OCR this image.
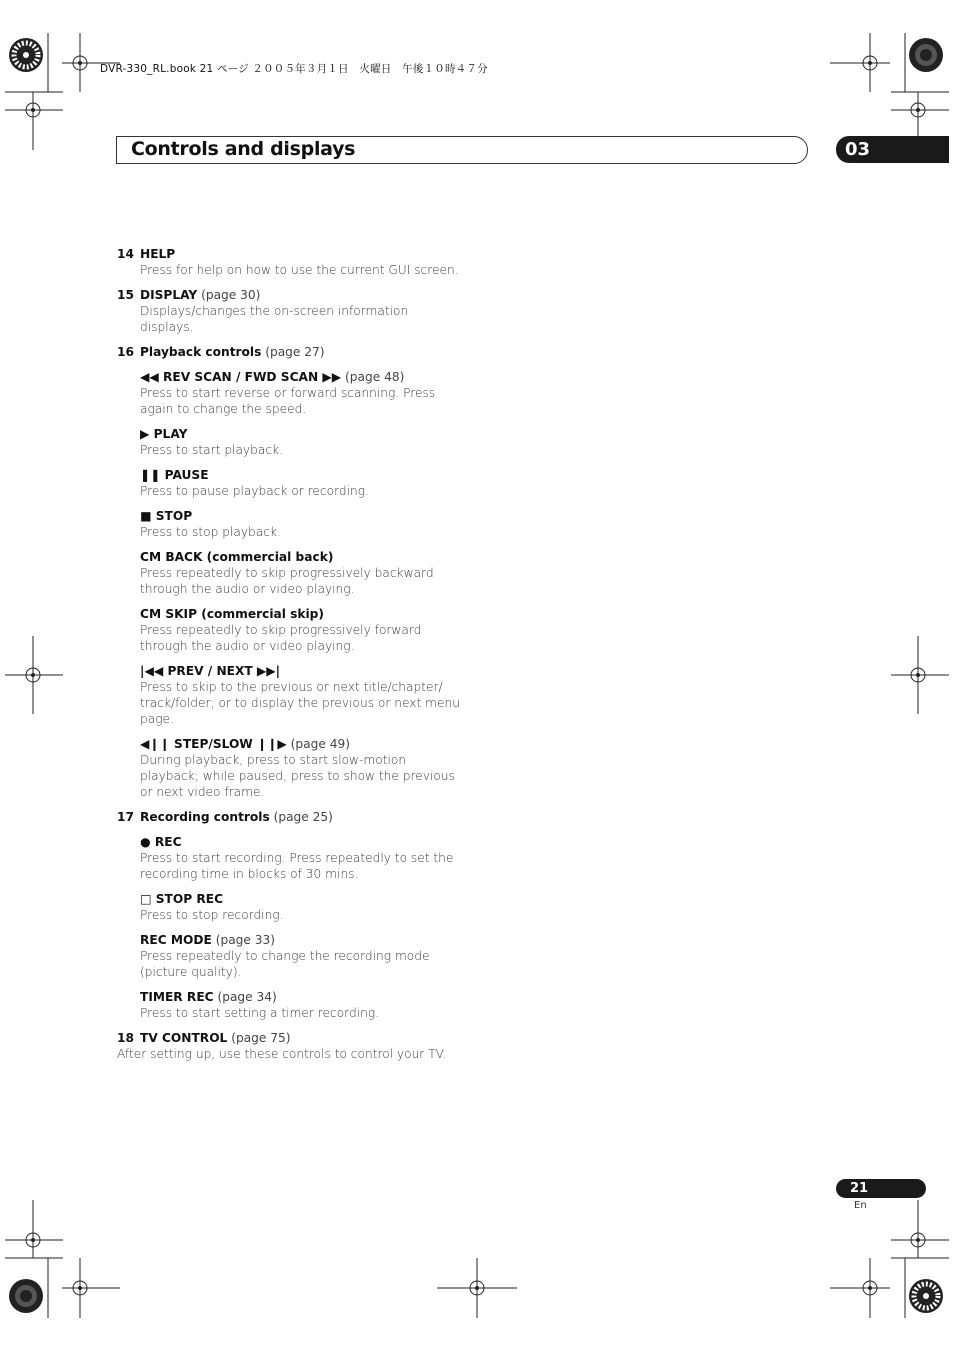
DVR-330_RL.book 21 ページ ２００５年３月１日　火曜日　午後１０時４７分
Controls and displays	03
14 HELP
Press for help on how to use the current GUI screen.
15 DISPLAY (page 30)
Displays/changes the on-screen information displays.
16 Playback controls (page 27)
◀◀ REV SCAN / FWD SCAN ▶▶ (page 48)
Press to start reverse or forward scanning. Press again to change the speed.
▶ PLAY
Press to start playback.
❚❚ PAUSE
Press to pause playback or recording.
■ STOP
Press to stop playback.
CM BACK (commercial back)
Press repeatedly to skip progressively backward through the audio or video playing.
CM SKIP (commercial skip)
Press repeatedly to skip progressively forward through the audio or video playing.
|◀◀ PREV / NEXT ▶▶|
Press to skip to the previous or next title/chapter/ track/folder; or to display the previous or next menu page.
◀❙❙ STEP/SLOW ❙❙▶ (page 49)
During playback, press to start slow-motion playback; while paused, press to show the previous or next video frame.
17 Recording controls (page 25)
● REC
Press to start recording. Press repeatedly to set the recording time in blocks of 30 mins.
□ STOP REC
Press to stop recording.
REC MODE (page 33)
Press repeatedly to change the recording mode (picture quality).
TIMER REC (page 34)
Press to start setting a timer recording.
18 TV CONTROL (page 75)
After setting up, use these controls to control your TV.
21
En
